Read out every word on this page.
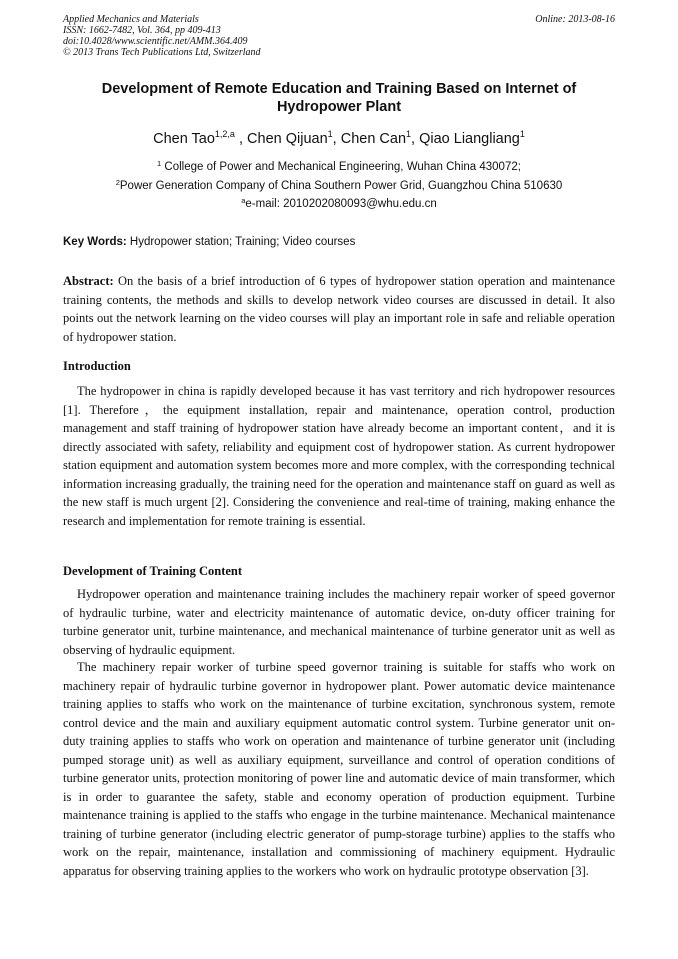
Applied Mechanics and Materials
ISSN: 1662-7482, Vol. 364, pp 409-413
doi:10.4028/www.scientific.net/AMM.364.409
© 2013 Trans Tech Publications Ltd, Switzerland
Online: 2013-08-16
Development of Remote Education and Training Based on Internet of Hydropower Plant
Chen Tao$^{1,2,a}$ , Chen Qijuan$^1$, Chen Can$^1$, Qiao Liangliang$^1$
$^1$ College of Power and Mechanical Engineering, Wuhan China 430072;
$^2$Power Generation Company of China Southern Power Grid, Guangzhou China 510630
$^a$e-mail: 2010202080093@whu.edu.cn
Key Words: Hydropower station; Training; Video courses
Abstract: On the basis of a brief introduction of 6 types of hydropower station operation and maintenance training contents, the methods and skills to develop network video courses are discussed in detail. It also points out the network learning on the video courses will play an important role in safe and reliable operation of hydropower station.
Introduction
The hydropower in china is rapidly developed because it has vast territory and rich hydropower resources [1]. Therefore，the equipment installation, repair and maintenance, operation control, production management and staff training of hydropower station have already become an important content，and it is directly associated with safety, reliability and equipment cost of hydropower station. As current hydropower station equipment and automation system becomes more and more complex, with the corresponding technical information increasing gradually, the training need for the operation and maintenance staff on guard as well as the new staff is much urgent [2]. Considering the convenience and real-time of training, making enhance the research and implementation for remote training is essential.
Development of Training Content
Hydropower operation and maintenance training includes the machinery repair worker of speed governor of hydraulic turbine, water and electricity maintenance of automatic device, on-duty officer training for turbine generator unit, turbine maintenance, and mechanical maintenance of turbine generator unit as well as observing of hydraulic equipment.
The machinery repair worker of turbine speed governor training is suitable for staffs who work on machinery repair of hydraulic turbine governor in hydropower plant. Power automatic device maintenance training applies to staffs who work on the maintenance of turbine excitation, synchronous system, remote control device and the main and auxiliary equipment automatic control system. Turbine generator unit on-duty training applies to staffs who work on operation and maintenance of turbine generator unit (including pumped storage unit) as well as auxiliary equipment, surveillance and control of operation conditions of turbine generator units, protection monitoring of power line and automatic device of main transformer, which is in order to guarantee the safety, stable and economy operation of production equipment. Turbine maintenance training is applied to the staffs who engage in the turbine maintenance. Mechanical maintenance training of turbine generator (including electric generator of pump-storage turbine) applies to the staffs who work on the repair, maintenance, installation and commissioning of machinery equipment. Hydraulic apparatus for observing training applies to the workers who work on hydraulic prototype observation [3].
